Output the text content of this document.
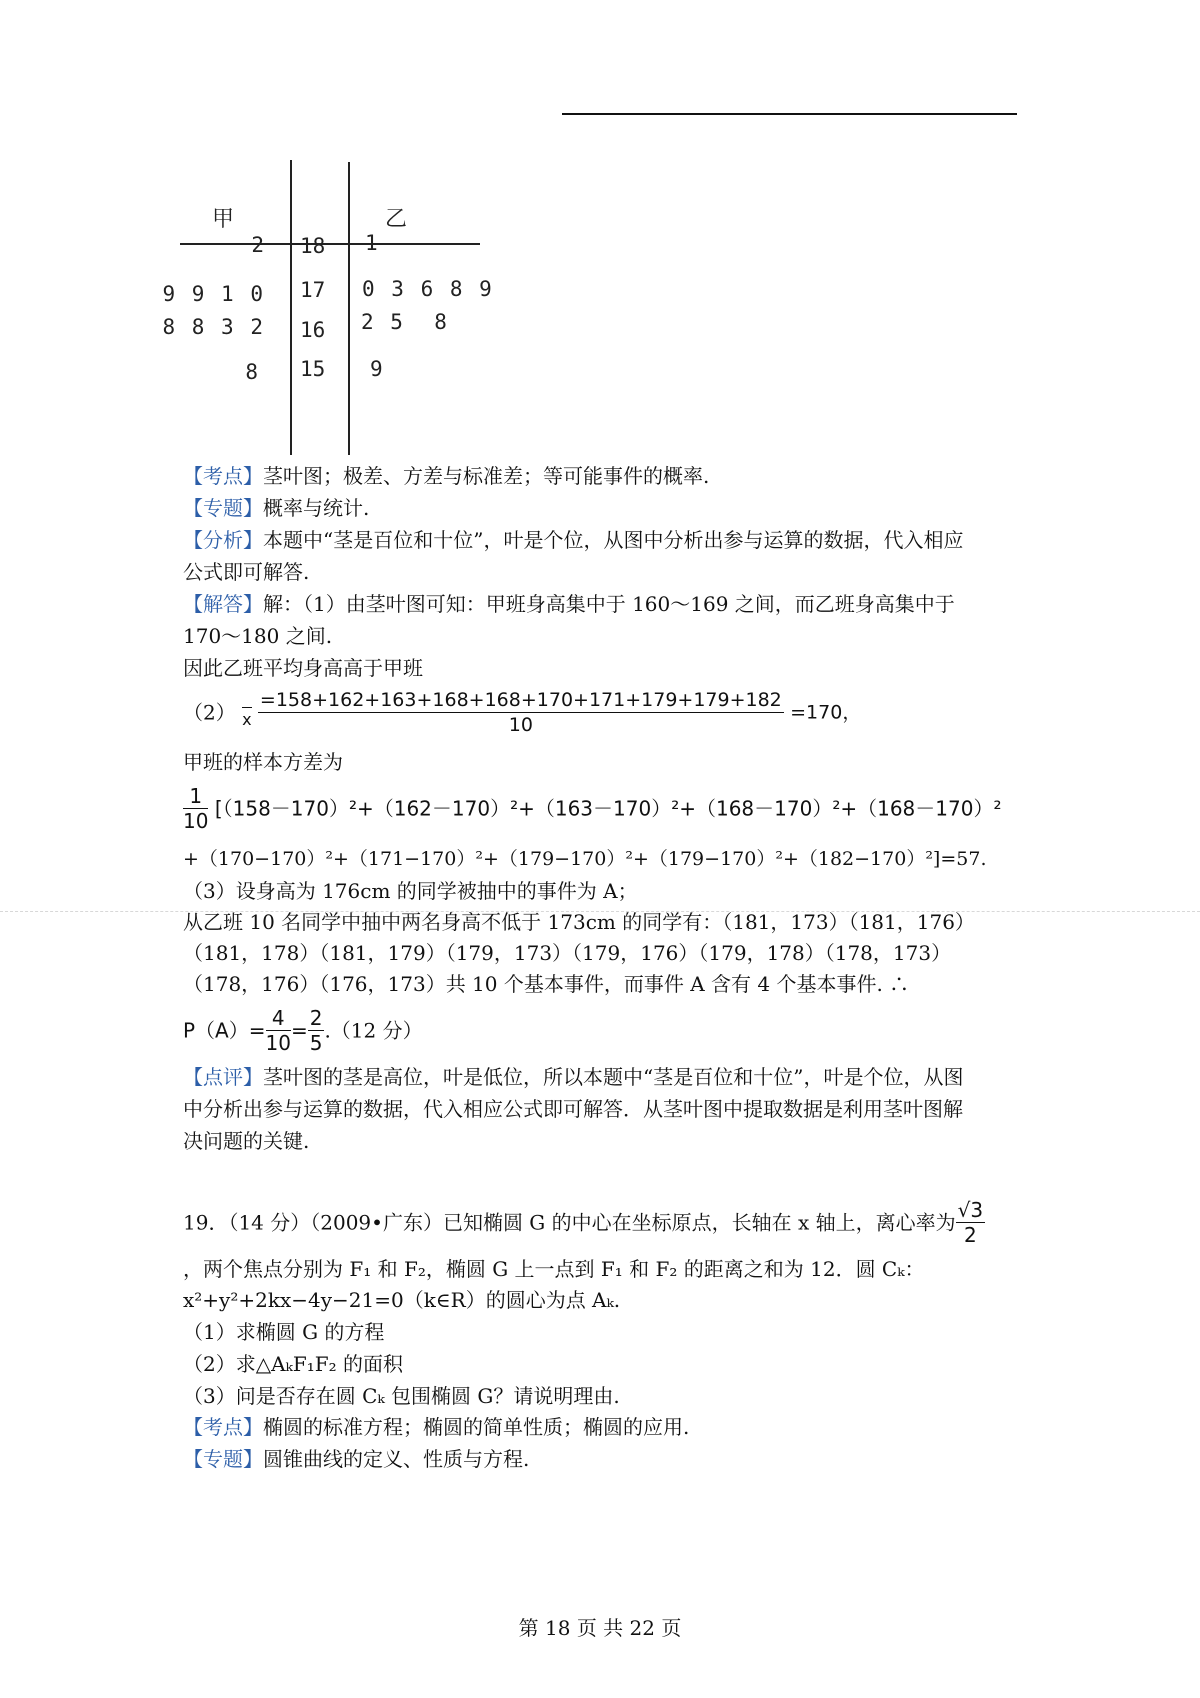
甲	乙
2 18 1
9 9 1 0 17 0 3 6 8 9
8 8 3 2 16 2 5  8
8 15 9
【考点】茎叶图；极差、方差与标准差；等可能事件的概率.
【专题】概率与统计.
【分析】本题中“茎是百位和十位”，叶是个位，从图中分析出参与运算的数据，代入相应
公式即可解答.
【解答】解：（1）由茎叶图可知：甲班身高集中于 160～169 之间，而乙班身高集中于
170～180 之间.
因此乙班平均身高高于甲班
（2） x
$\frac{=158+162+163+168+168+170+171+179+179+182}{10} =170$，
甲班的样本方差为
$\frac{1}{10} [(158-170)^2+(162-170)^2+(163-170)^2+(168-170)^2+(168-170)^2$
+（170−170）²+（171−170）²+（179−170）²+（179−170）²+（182−170）²]=57.
（3）设身高为 176cm 的同学被抽中的事件为 A；
从乙班 10 名同学中抽中两名身高不低于 173cm 的同学有：（181，173）（181，176）
（181，178）（181，179）（179，173）（179，176）（179，178）（178，173）
（178，176）（176，173）共 10 个基本事件，而事件 A 含有 4 个基本事件. ∴
$P(A)= \frac{4}{10} = \frac{2}{5} .(12$ 分）
【点评】茎叶图的茎是高位，叶是低位，所以本题中“茎是百位和十位”，叶是个位，从图
中分析出参与运算的数据，代入相应公式即可解答．从茎叶图中提取数据是利用茎叶图解
决问题的关键.
19．（14 分）（2009•广东）已知椭圆 G 的中心在坐标原点，长轴在 x 轴上，离心率为 $\frac{√3}{2}$
，两个焦点分别为 F₁ 和 F₂，椭圆 G 上一点到 F₁ 和 F₂ 的距离之和为 12．圆 Cₖ：
x²+y²+2kx−4y−21=0（k∈R）的圆心为点 Aₖ.
（1）求椭圆 G 的方程
（2）求△AₖF₁F₂ 的面积
（3）问是否存在圆 Cₖ 包围椭圆 G？请说明理由.
【考点】椭圆的标准方程；椭圆的简单性质；椭圆的应用.
【专题】圆锥曲线的定义、性质与方程.
第 18 页 共 22 页
